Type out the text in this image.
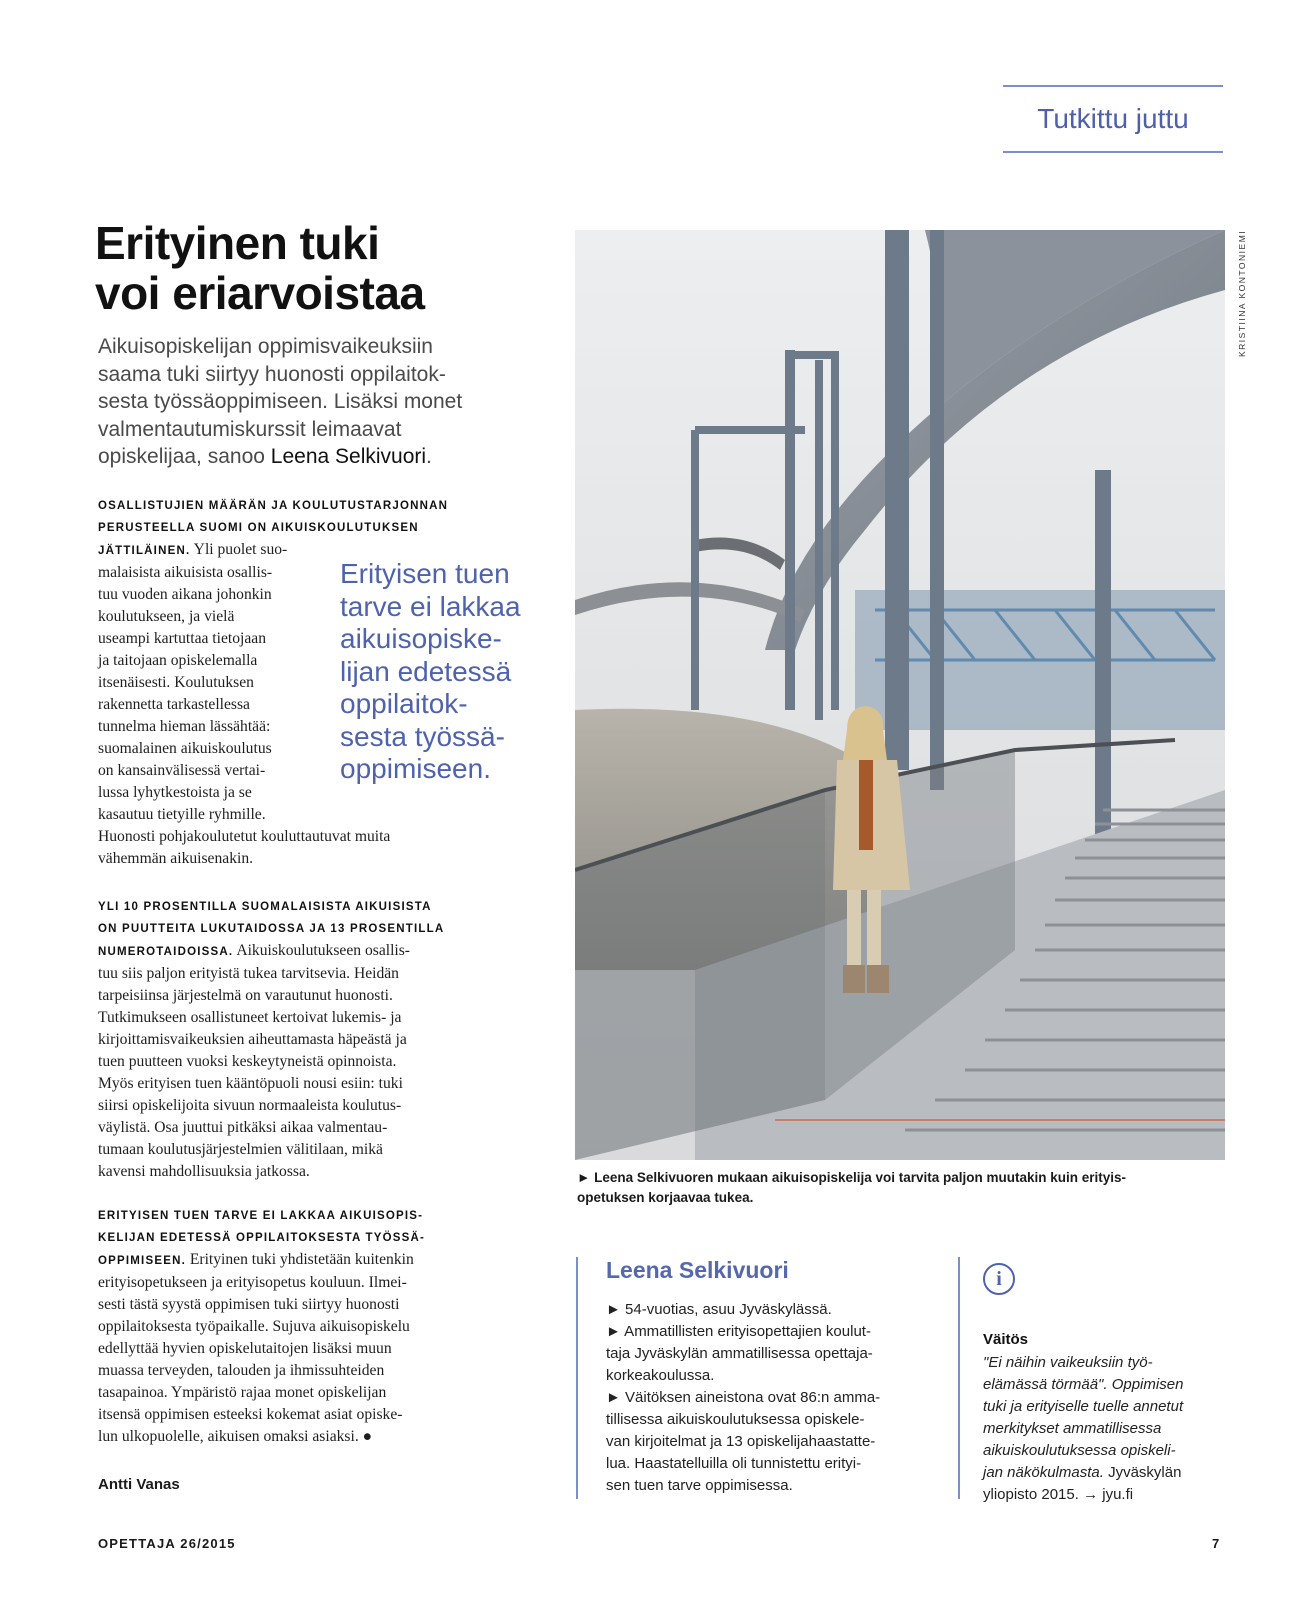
Tutkittu juttu
Erityinen tuki
voi eriarvoistaa

Aikuisopiskelijan oppimisvaikeuksiin
saama tuki siirtyy huonosti oppilaitok-
sesta työssäoppimiseen. Lisäksi monet
valmentautumiskurssit leimaavat
opiskelijaa, sanoo Leena Selkivuori.

OSALLISTUJIEN MÄÄRÄN JA KOULUTUSTARJONNAN
PERUSTEELLA SUOMI ON AIKUISKOULUTUKSEN
JÄTTILÄINEN. Yli puolet suo-
malaisista aikuisista osallis-
tuu vuoden aikana johonkin
koulutukseen, ja vielä
useampi kartuttaa tietojaan
ja taitojaan opiskelemalla
itsenäisesti. Koulutuksen
rakennetta tarkastellessa
tunnelma hieman lässähtää:
suomalainen aikuiskoulutus
on kansainvälisessä vertai-
lussa lyhytkestoista ja se
kasautuu tietyille ryhmille.
Huonosti pohjakoulutetut kouluttautuvat muita
vähemmän aikuisenakin.

Erityisen tuen
tarve ei lakkaa
aikuisopiske-
lijan edetessä
oppilaitok-
sesta työssä-
oppimiseen.

YLI 10 PROSENTILLA SUOMALAISISTA AIKUISISTA
ON PUUTTEITA LUKUTAIDOSSA JA 13 PROSENTILLA
NUMEROTAIDOISSA. Aikuiskoulutukseen osallis-
tuu siis paljon erityistä tukea tarvitsevia. Heidän
tarpeisiinsa järjestelmä on varautunut huonosti.
Tutkimukseen osallistuneet kertoivat lukemis- ja
kirjoittamisvaikeuksien aiheuttamasta häpeästä ja
tuen puutteen vuoksi keskeytyneistä opinnoista.
Myös erityisen tuen kääntöpuoli nousi esiin: tuki
siirsi opiskelijoita sivuun normaaleista koulutus-
väylistä. Osa juuttui pitkäksi aikaa valmentau-
tumaan koulutusjärjestelmien välitilaan, mikä
kavensi mahdollisuuksia jatkossa.
ERITYISEN TUEN TARVE EI LAKKAA AIKUISOPIS-
KELIJAN EDETESSÄ OPPILAITOKSESTA TYÖSSÄ-
OPPIMISEEN. Erityinen tuki yhdistetään kuitenkin
erityisopetukseen ja erityisopetus kouluun. Ilmei-
sesti tästä syystä oppimisen tuki siirtyy huonosti
oppilaitoksesta työpaikalle. Sujuva aikuisopiskelu
edellyttää hyvien opiskelutaitojen lisäksi muun
muassa terveyden, talouden ja ihmissuhteiden
tasapainoa. Ympäristö rajaa monet opiskelijan
itsensä oppimisen esteeksi kokemat asiat opiske-
lun ulkopuolelle, aikuisen omaksi asiaksi. ●
Antti Vanas
KRISTIINA KONTONIEMI
► Leena Selkivuoren mukaan aikuisopiskelija voi tarvita paljon muutakin kuin erityis-
opetuksen korjaavaa tukea.
Leena Selkivuori
► 54-vuotias, asuu Jyväskylässä.
► Ammatillisten erityisopettajien koulut-
taja Jyväskylän ammatillisessa opettaja-
korkeakoulussa.
► Väitöksen aineistona ovat 86:n amma-
tillisessa aikuiskoulutuksessa opiskele-
van kirjoitelmat ja 13 opiskelijahaastatte-
lua. Haastatelluilla oli tunnistettu erityi-
sen tuen tarve oppimisessa.
i
Väitös
"Ei näihin vaikeuksiin työ-
elämässä törmää". Oppimisen
tuki ja erityiselle tuelle annetut
merkitykset ammatillisessa
aikuiskoulutuksessa opiskeli-
jan näkökulmasta. Jyväskylän
yliopisto 2015. → jyu.fi
OPETTAJA 26/2015	7
